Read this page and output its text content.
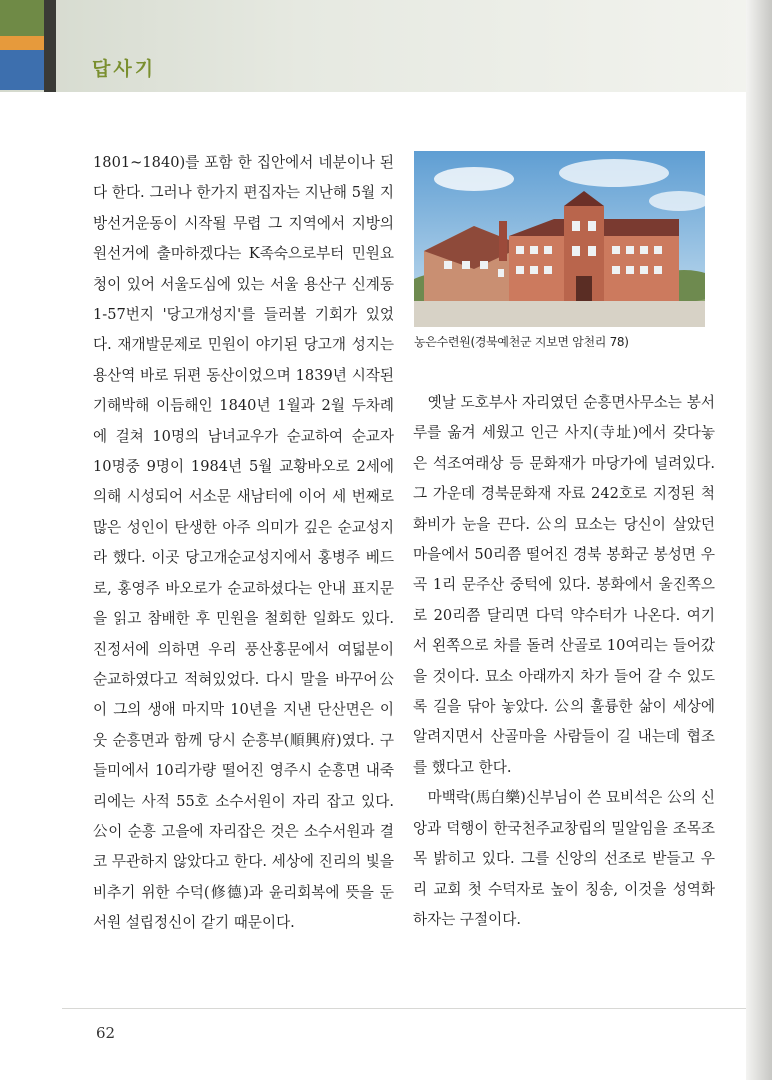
답사기

1801~1840)를 포함 한 집안에서 네분이나 된다 한다. 그러나 한가지 편집자는 지난해 5월 지방선거운동이 시작될 무렵 그 지역에서 지방의원선거에 출마하겠다는 K족숙으로부터 민원요청이 있어 서울도심에 있는 서울 용산구 신계동 1-57번지 '당고개성지'를 들러볼 기회가 있었다. 재개발문제로 민원이 야기된 당고개 성지는 용산역 바로 뒤편 동산이었으며 1839년 시작된 기해박해 이듬해인 1840년 1월과 2월 두차례에 걸쳐 10명의 남녀교우가 순교하여 순교자 10명중 9명이 1984년 5월 교황바오로 2세에 의해 시성되어 서소문 새남터에 이어 세 번째로 많은 성인이 탄생한 아주 의미가 깊은 순교성지라 했다. 이곳 당고개순교성지에서 홍병주 베드로, 홍영주 바오로가 순교하셨다는 안내 표지문을 읽고 참배한 후 민원을 철회한 일화도 있다. 진정서에 의하면 우리 풍산홍문에서 여덟분이 순교하였다고 적혀있었다. 다시 말을 바꾸어公이 그의 생애 마지막 10년을 지낸 단산면은 이웃 순흥면과 함께 당시 순흥부(順興府)였다. 구들미에서 10리가량 떨어진 영주시 순흥면 내죽리에는 사적 55호 소수서원이 자리 잡고 있다. 公이 순흥 고을에 자리잡은 것은 소수서원과 결코 무관하지 않았다고 한다. 세상에 진리의 빛을 비추기 위한 수덕(修德)과 윤리회복에 뜻을 둔 서원 설립정신이 같기 때문이다.

농은수련원(경북예천군 지보면 암천리 78)

옛날 도호부사 자리였던 순흥면사무소는 봉서루를 옮겨 세웠고 인근 사지(寺址)에서 갖다놓은 석조여래상 등 문화재가 마당가에 널려있다. 그 가운데 경북문화재 자료 242호로 지정된 척화비가 눈을 끈다. 公의 묘소는 당신이 살았던 마을에서 50리쯤 떨어진 경북 봉화군 봉성면 우곡 1리 문주산 중턱에 있다. 봉화에서 울진쪽으로 20리쯤 달리면 다덕 약수터가 나온다. 여기서 왼쪽으로 차를 돌려 산골로 10여리는 들어갔을 것이다. 묘소 아래까지 차가 들어 갈 수 있도록 길을 닦아 놓았다. 公의 훌륭한 삶이 세상에 알려지면서 산골마을 사람들이 길 내는데 협조를 했다고 한다.

마백락(馬白樂)신부님이 쓴 묘비석은 公의 신앙과 덕행이 한국천주교창립의 밀알임을 조목조목 밝히고 있다. 그를 신앙의 선조로 받들고 우리 교회 첫 수덕자로 높이 칭송, 이것을 성역화 하자는 구절이다.

62
